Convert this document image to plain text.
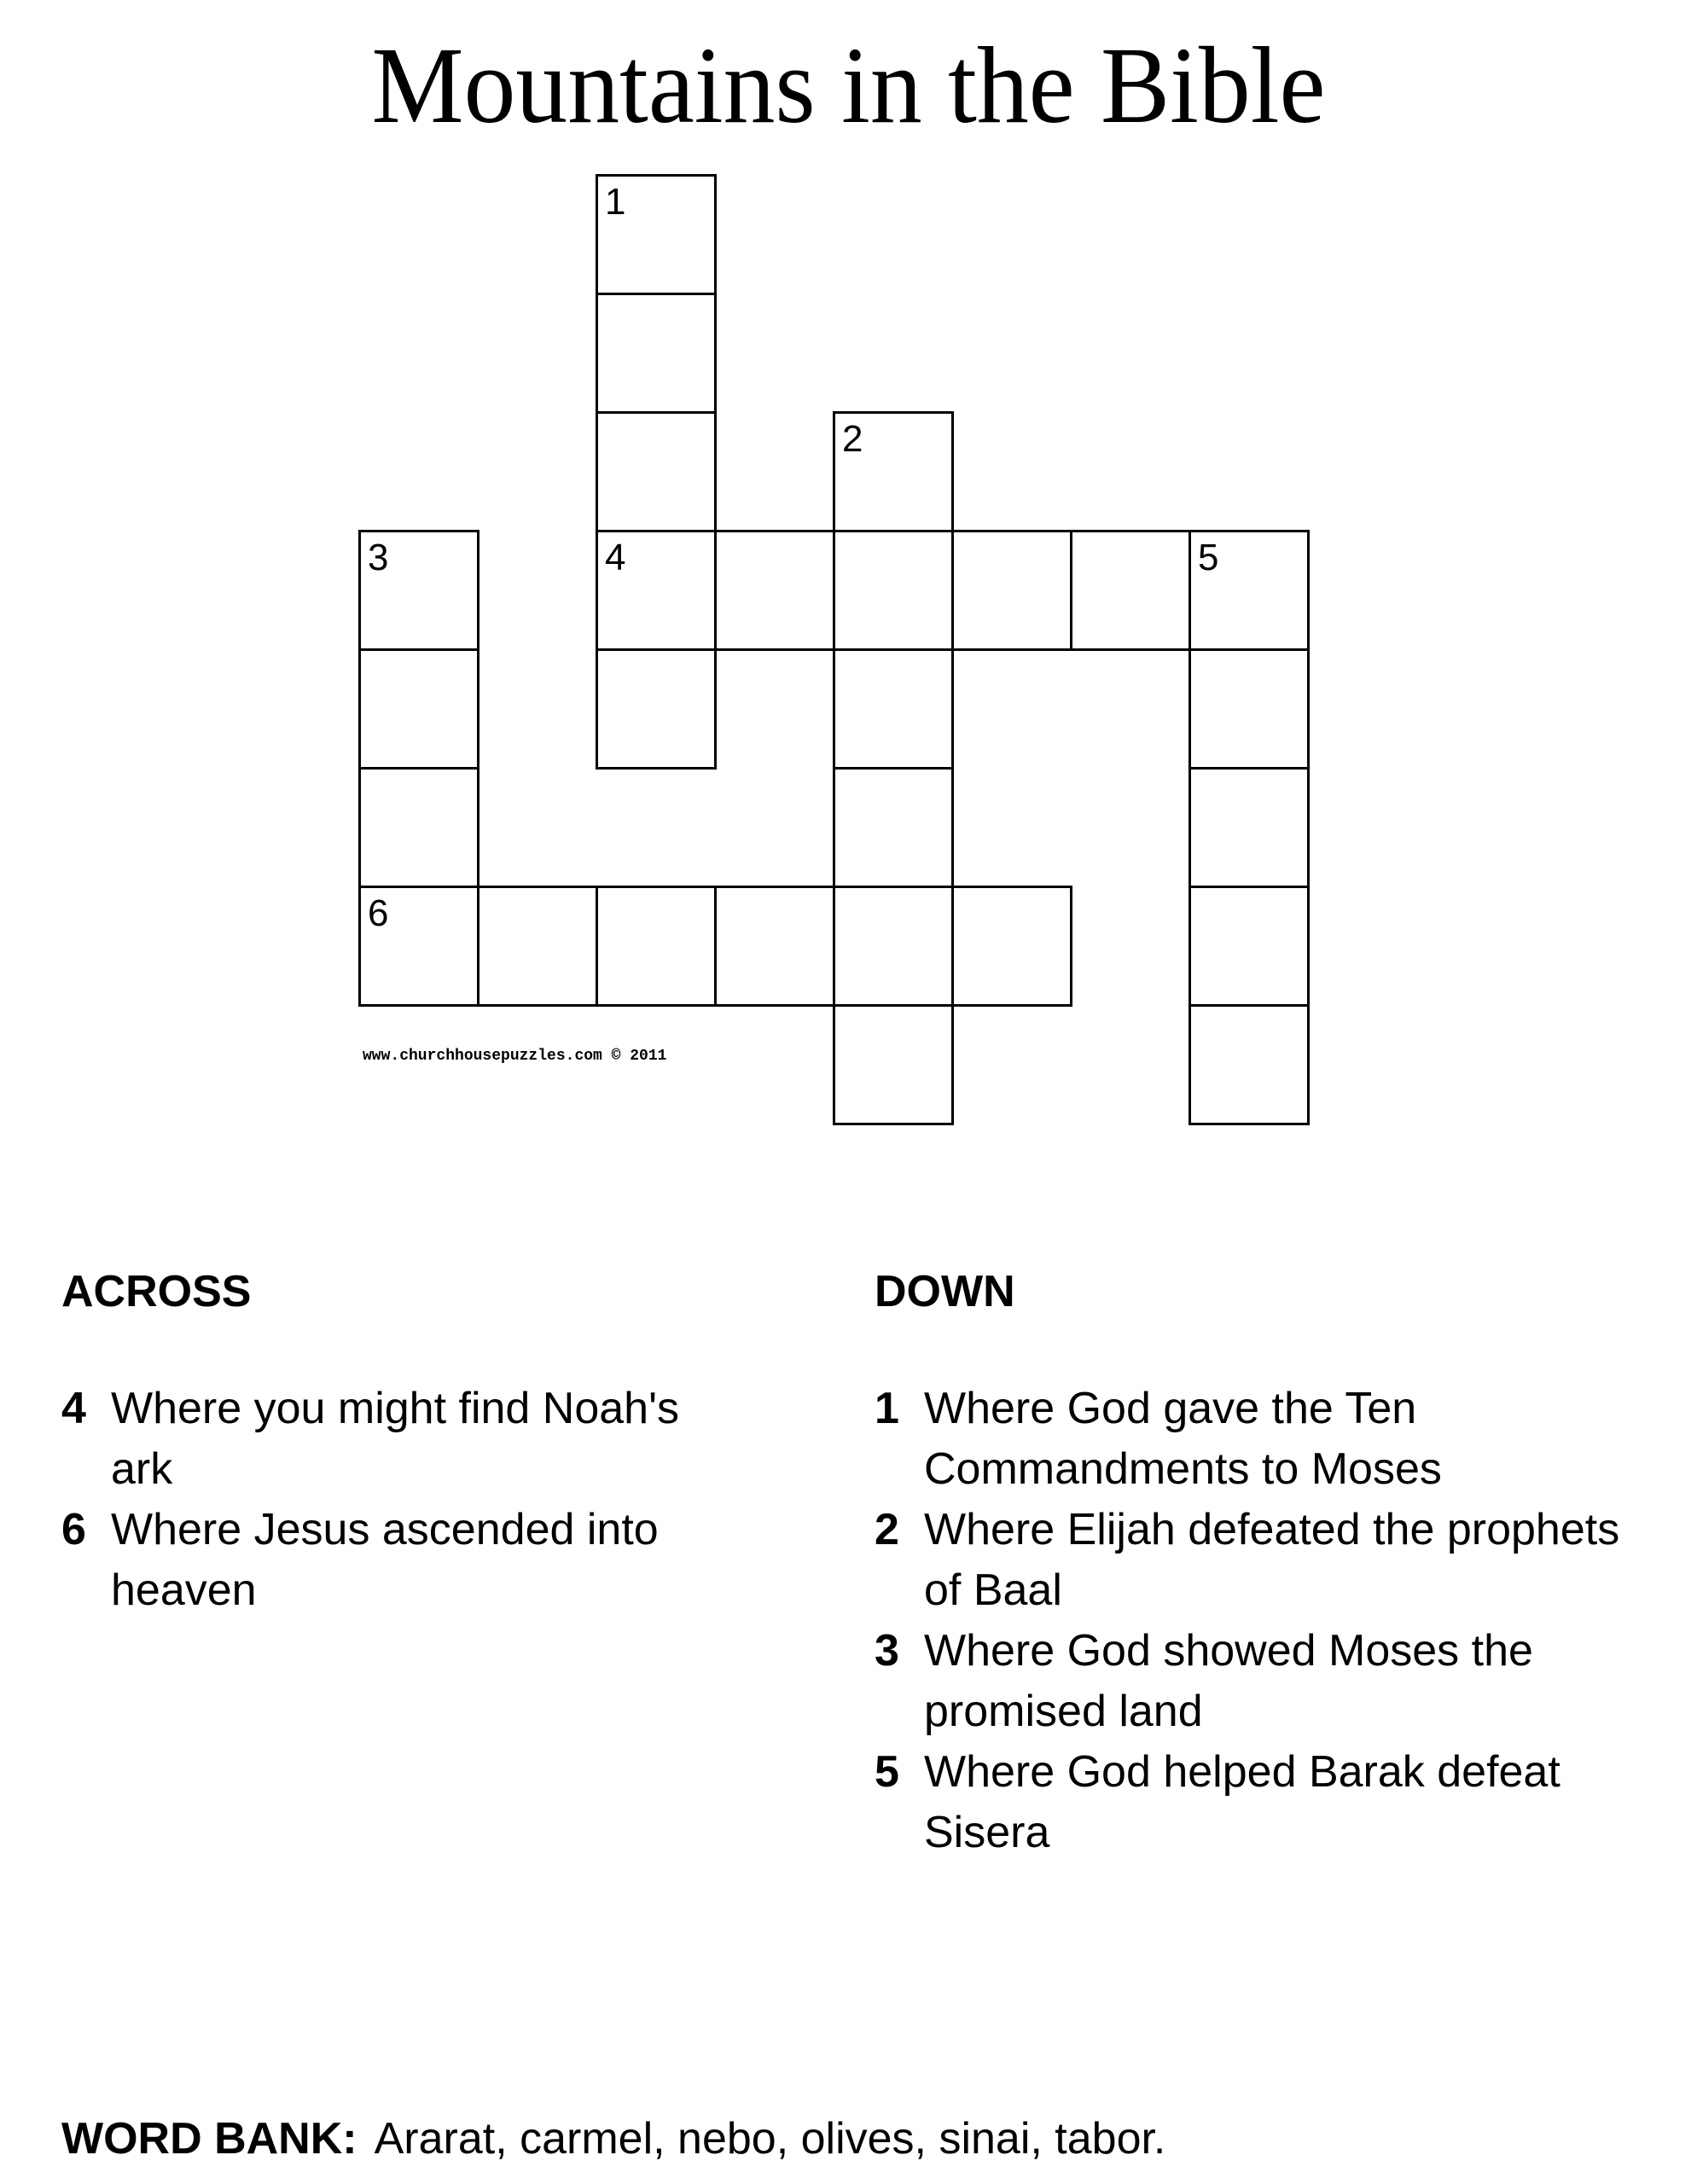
Mountains in the Bible
1
4
2
3
6
5
www.churchhousepuzzles.com © 2011
ACROSS
4 Where you might find Noah's ark
6 Where Jesus ascended into heaven
DOWN
1 Where God gave the Ten Commandments to Moses
2 Where Elijah defeated the prophets of Baal
3 Where God showed Moses the promised land
5 Where God helped Barak defeat Sisera
WORD BANK: Ararat, carmel, nebo, olives, sinai, tabor.
